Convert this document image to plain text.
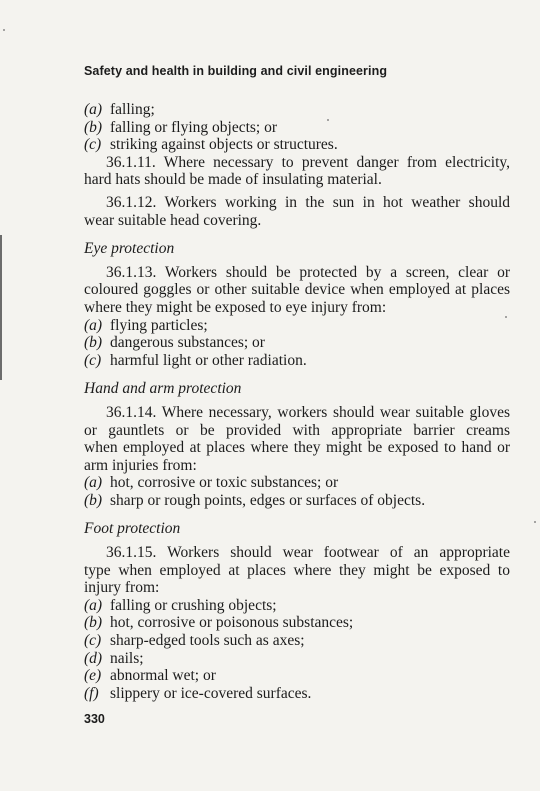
Safety and health in building and civil engineering
(a) falling;
(b) falling or flying objects; or
(c) striking against objects or structures.

36.1.11. Where necessary to prevent danger from electricity,

hard hats should be made of insulating material.

36.1.12. Workers working in the sun in hot weather should

wear suitable head covering.

Eye protection

36.1.13. Workers should be protected by a screen, clear or

coloured goggles or other suitable device when employed at places

where they might be exposed to eye injury from:

(a) flying particles;
(b) dangerous substances; or
(c) harmful light or other radiation.
Hand and arm protection

36.1.14. Where necessary, workers should wear suitable gloves

or gauntlets or be provided with appropriate barrier creams

when employed at places where they might be exposed to hand or

arm injuries from:

(a) hot, corrosive or toxic substances; or
(b) sharp or rough points, edges or surfaces of objects.
Foot protection

36.1.15. Workers should wear footwear of an appropriate

type when employed at places where they might be exposed to

injury from:

(a) falling or crushing objects;
(b) hot, corrosive or poisonous substances;
(c) sharp-edged tools such as axes;
(d) nails;
(e) abnormal wet; or
(f) slippery or ice-covered surfaces.
330
